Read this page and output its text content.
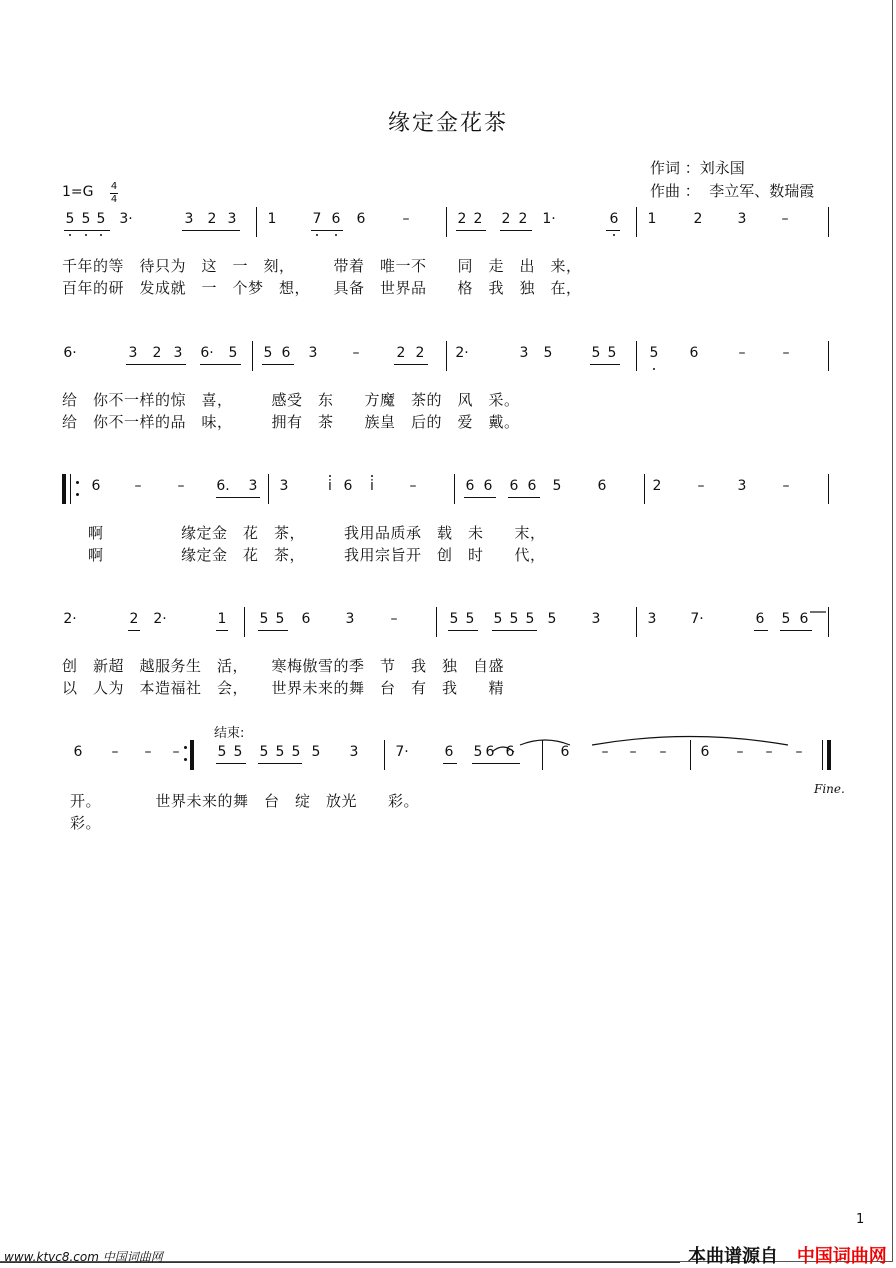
缘定金花茶
作词 ：刘永国
作曲 ：  李立军、数瑞霞
1=G 4
4
5 5 5 3·	3 2 3 1	7 6 6	–	2 2 2 2 1·	6 1	2	3	–
6·	3 2 3 6· 5 5 6 3	–	2 2 2·	3 5	5 5 5 6	–	–
6 –	– 6. 3 3	i 6 i	–	6 6 6 6 5	6	2	– 3	–
2·	2 2·	1 5 5 6	3	–	5 5 5 5 5 5	3	3 7·	6 5 6
6 – – –	5 5 5 5 5 5 3	7·	6 5 6 6	6 – – – 6 – – –
千年的等　待只为　这　一　刻，　　　带着　唯一不　　同　走　出　来，
百年的研　发成就　一　个梦　想，　　具备　世界品　　格　我　独　在，
给　你不一样的惊　喜，　　　感受　东　　方魔　茶的　风　采。
给　你不一样的品　味，　　　拥有　茶　　族皇　后的　爱　戴。
啊　　　　　缘定金　花　茶，　　　我用品质承　载　未　　末，
啊　　　　　缘定金　花　茶，　　　我用宗旨开　创　时　　代，
创　新超　越服务生　活，　　寒梅傲雪的季　节　我　独　自盛
以　人为　本造福社　会，　　世界未来的舞　台　有　我　　精
开。　　　　世界未来的舞　台　绽　放光　　彩。
彩。
结束:
Fine.
1
www.ktvc8.com 中国词曲网	本曲谱源自 中国词曲网
